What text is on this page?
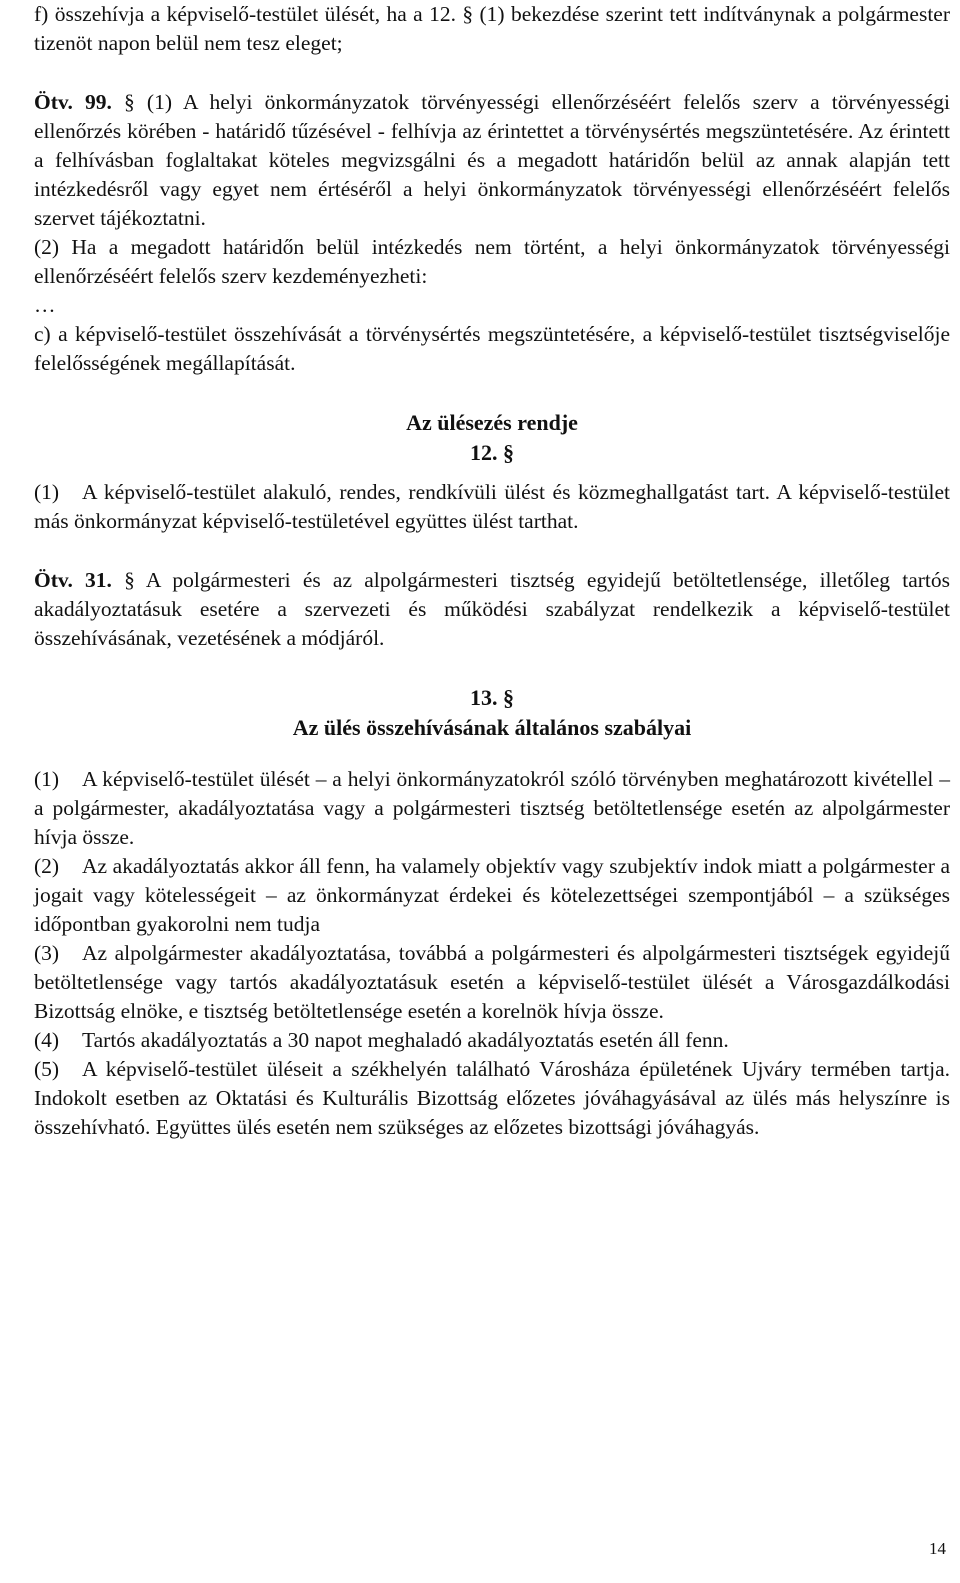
f) összehívja a képviselő-testület ülését, ha a 12. § (1) bekezdése szerint tett indítványnak a polgármester tizenöt napon belül nem tesz eleget;

Ötv. 99. § (1) A helyi önkormányzatok törvényességi ellenőrzéséért felelős szerv a törvényességi ellenőrzés körében - határidő tűzésével - felhívja az érintettet a törvénysértés megszüntetésére. Az érintett a felhívásban foglaltakat köteles megvizsgálni és a megadott határidőn belül az annak alapján tett intézkedésről vagy egyet nem értéséről a helyi önkormányzatok törvényességi ellenőrzéséért felelős szervet tájékoztatni.

(2) Ha a megadott határidőn belül intézkedés nem történt, a helyi önkormányzatok törvényességi ellenőrzéséért felelős szerv kezdeményezheti:

…

c) a képviselő-testület összehívását a törvénysértés megszüntetésére, a képviselő-testület tisztségviselője felelősségének megállapítását.

Az ülésezés rendje

12. §

(1) A képviselő-testület alakuló, rendes, rendkívüli ülést és közmeghallgatást tart. A képviselő-testület más önkormányzat képviselő-testületével együttes ülést tarthat.

Ötv. 31. § A polgármesteri és az alpolgármesteri tisztség egyidejű betöltetlensége, illetőleg tartós akadályoztatásuk esetére a szervezeti és működési szabályzat rendelkezik a képviselő-testület összehívásának, vezetésének a módjáról.

13. §

Az ülés összehívásának általános szabályai

(1) A képviselő-testület ülését – a helyi önkormányzatokról szóló törvényben meghatározott kivétellel – a polgármester, akadályoztatása vagy a polgármesteri tisztség betöltetlensége esetén az alpolgármester hívja össze.

(2) Az akadályoztatás akkor áll fenn, ha valamely objektív vagy szubjektív indok miatt a polgármester a jogait vagy kötelességeit – az önkormányzat érdekei és kötelezettségei szempontjából – a szükséges időpontban gyakorolni nem tudja

(3) Az alpolgármester akadályoztatása, továbbá a polgármesteri és alpolgármesteri tisztségek egyidejű betöltetlensége vagy tartós akadályoztatásuk esetén a képviselő-testület ülését a Városgazdálkodási Bizottság elnöke, e tisztség betöltetlensége esetén a korelnök hívja össze.

(4) Tartós akadályoztatás a 30 napot meghaladó akadályoztatás esetén áll fenn.

(5) A képviselő-testület üléseit a székhelyén található Városháza épületének Ujváry termében tartja. Indokolt esetben az Oktatási és Kulturális Bizottság előzetes jóváhagyásával az ülés más helyszínre is összehívható. Együttes ülés esetén nem szükséges az előzetes bizottsági jóváhagyás.

14
